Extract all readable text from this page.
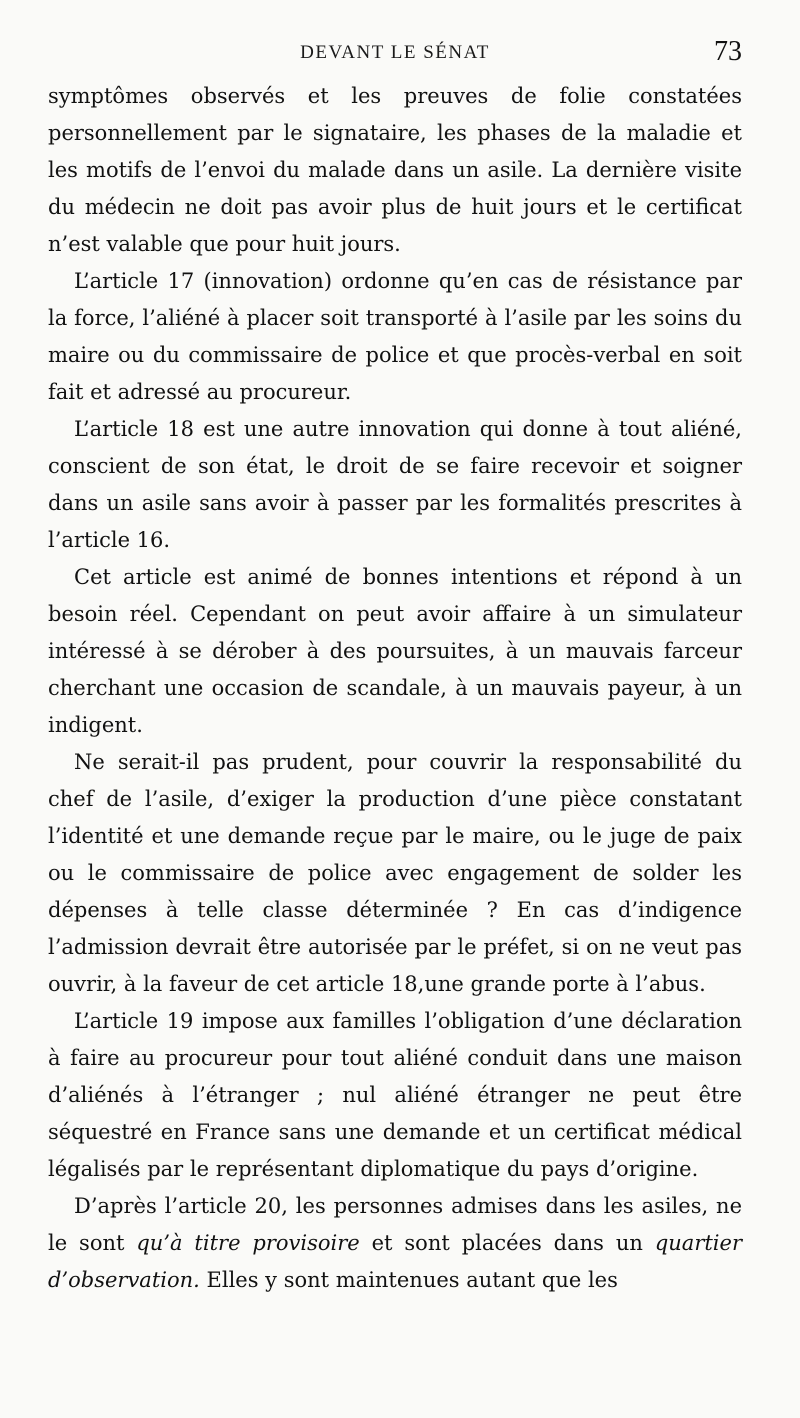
DEVANT LE SÉNAT	73

symptômes observés et les preuves de folie constatées personnellement par le signataire, les phases de la maladie et les motifs de l’envoi du malade dans un asile. La dernière visite du médecin ne doit pas avoir plus de huit jours et le certificat n’est valable que pour huit jours.

L’article 17 (innovation) ordonne qu’en cas de résistance par la force, l’aliéné à placer soit transporté à l’asile par les soins du maire ou du commissaire de police et que procès-verbal en soit fait et adressé au procureur.

L’article 18 est une autre innovation qui donne à tout aliéné, conscient de son état, le droit de se faire recevoir et soigner dans un asile sans avoir à passer par les formalités prescrites à l’article 16.

Cet article est animé de bonnes intentions et répond à un besoin réel. Cependant on peut avoir affaire à un simulateur intéressé à se dérober à des poursuites, à un mauvais farceur cherchant une occasion de scandale, à un mauvais payeur, à un indigent.

Ne serait-il pas prudent, pour couvrir la responsabilité du chef de l’asile, d’exiger la production d’une pièce constatant l’identité et une demande reçue par le maire, ou le juge de paix ou le commissaire de police avec engagement de solder les dépenses à telle classe déterminée ? En cas d’indigence l’admission devrait être autorisée par le préfet, si on ne veut pas ouvrir, à la faveur de cet article 18,une grande porte à l’abus.

L’article 19 impose aux familles l’obligation d’une déclaration à faire au procureur pour tout aliéné conduit dans une maison d’aliénés à l’étranger ; nul aliéné étranger ne peut être séquestré en France sans une demande et un certificat médical légalisés par le représentant diplomatique du pays d’origine.

D’après l’article 20, les personnes admises dans les asiles, ne le sont qu’à titre provisoire et sont placées dans un quartier d’observation. Elles y sont maintenues autant que les
